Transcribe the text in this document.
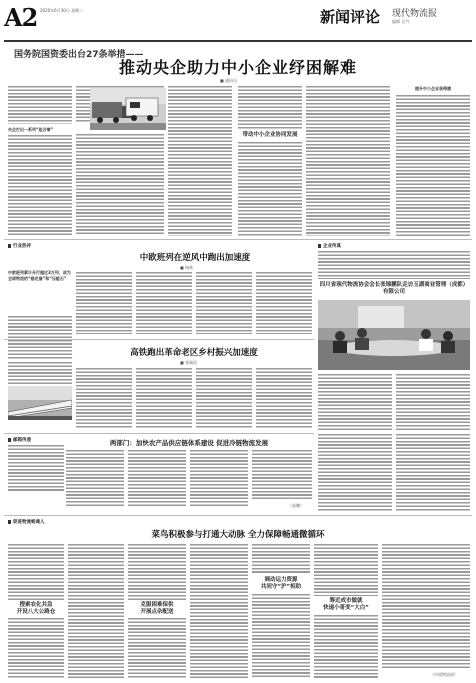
A2 2020年6月30日 星期二	新闻评论 现代物流报
编辑 吴丹
国务院国资委出台27条举措——
推动央企助力中小企业纾困解难
■ 通讯员
央企打出一系列“组合拳”
带动中小企业协同发展
提升中小企业获得感
行业热评
中欧班列在逆风中跑出加速度
■ 杨林
中欧班列累计开行超过3万列，成为全球物流的“稳定器”和“压舱石”
企业传真
四川省现代物流协会会长张锦鹏队走访玉湖商业管理（成都）有限公司
高铁跑出革命老区乡村振兴加速度
■ 张瑞国
邮箱传递	两部门：加快农产品供应链体系建设 促进冷链物流发展
（高鹏）
促进物流畅通人
菜鸟积极参与打通大动脉 全力保障畅通微循环
搜索农化共急
开设八大公路仓
克服困难保供
开展点杂配送
调动运力资源
共同守“沪”相助
筹近成市做就
快递小哥变“大白”
（中国物流网）
